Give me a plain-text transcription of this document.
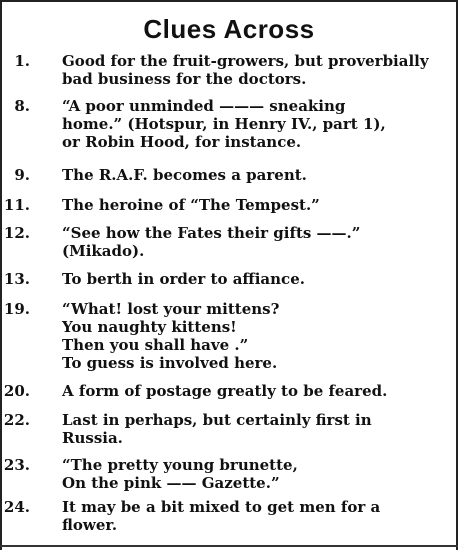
Clues Across
1. Good for the fruit-growers, but proverbially
bad business for the doctors.
8. “A poor unminded ——— sneaking
home.” (Hotspur, in Henry IV., part 1),
or Robin Hood, for instance.
9. The R.A.F. becomes a parent.
11. The heroine of “The Tempest.”
12. “See how the Fates their gifts ——.”
(Mikado).
13. To berth in order to affiance.
19. “What! lost your mittens?
You naughty kittens!
Then you shall have .”
To guess is involved here.
20. A form of postage greatly to be feared.
22. Last in perhaps, but certainly first in
Russia.
23. “The pretty young brunette,
On the pink —— Gazette.”
24. It may be a bit mixed to get men for a
flower.
